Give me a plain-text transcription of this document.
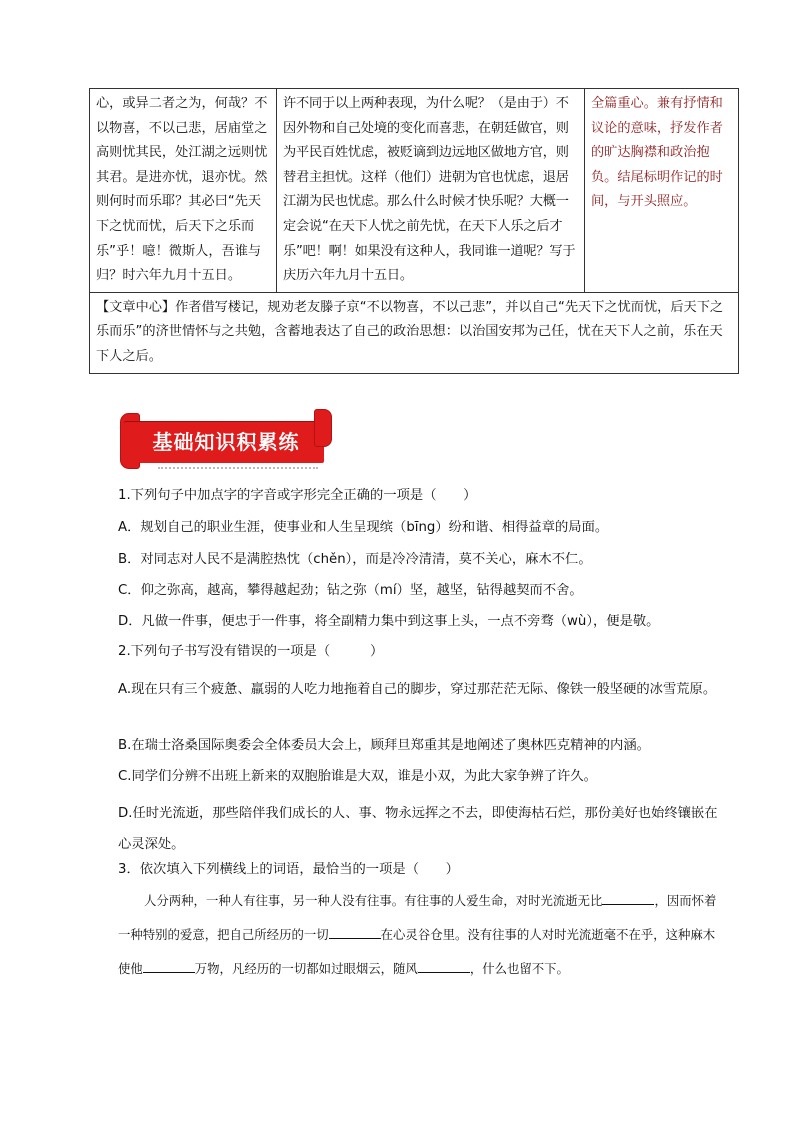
心，或异二者之为，何哉？不以物喜，不以己悲，居庙堂之高则忧其民，处江湖之远则忧其君。是进亦忧，退亦忧。然则何时而乐耶？其必曰“先天下之忧而忧，后天下之乐而乐”乎！噫！微斯人，吾谁与归？时六年九月十五日。	许不同于以上两种表现，为什么呢？（是由于）不因外物和自己处境的变化而喜悲，在朝廷做官，则为平民百姓忧虑，被贬谪到边远地区做地方官，则替君主担忧。这样（他们）进朝为官也忧虑，退居江湖为民也忧虑。那么什么时候才快乐呢？大概一定会说“在天下人忧之前先忧，在天下人乐之后才乐”吧！啊！如果没有这种人，我同谁一道呢？写于庆历六年九月十五日。	全篇重心。兼有抒情和议论的意味，抒发作者的旷达胸襟和政治抱负。结尾标明作记的时间，与开头照应。
【文章中心】作者借写楼记，规劝老友滕子京“不以物喜，不以己悲”，并以自己“先天下之忧而忧，后天下之乐而乐”的济世情怀与之共勉，含蓄地表达了自己的政治思想：以治国安邦为己任，忧在天下人之前，乐在天下人之后。
基础知识积累练
1.下列句子中加点字的字音或字形完全正确的一项是（　　）
A．规划自己的职业生涯，使事业和人生呈现缤（bīng）纷和谐、相得益章的局面。
B．对同志对人民不是满腔热忱（chěn），而是冷冷清清，莫不关心，麻木不仁。
C．仰之弥高，越高，攀得越起劲；钻之弥（mí）坚，越坚，钻得越契而不舍。
D．凡做一件事，便忠于一件事，将全副精力集中到这事上头，一点不旁骛（wù），便是敬。
2.下列句子书写没有错误的一项是（　　　）
A.现在只有三个疲惫、羸弱的人吃力地拖着自己的脚步，穿过那茫茫无际、像铁一般坚硬的冰雪荒原。
B.在瑞士洛桑国际奥委会全体委员大会上，顾拜旦郑重其是地阐述了奥林匹克精神的内涵。
C.同学们分辨不出班上新来的双胞胎谁是大双，谁是小双，为此大家争辨了许久。
D.任时光流逝，那些陪伴我们成长的人、事、物永远挥之不去，即使海枯石烂，那份美好也始终镶嵌在心灵深处。
3．依次填入下列横线上的词语，最恰当的一项是（　　）
人分两种，一种人有往事，另一种人没有往事。有往事的人爱生命，对时光流逝无比	，因而怀着一种特别的爱意，把自己所经历的一切	在心灵谷仓里。没有往事的人对时光流逝毫不在乎，这种麻木使他	万物，凡经历的一切都如过眼烟云，随风	，什么也留不下。
